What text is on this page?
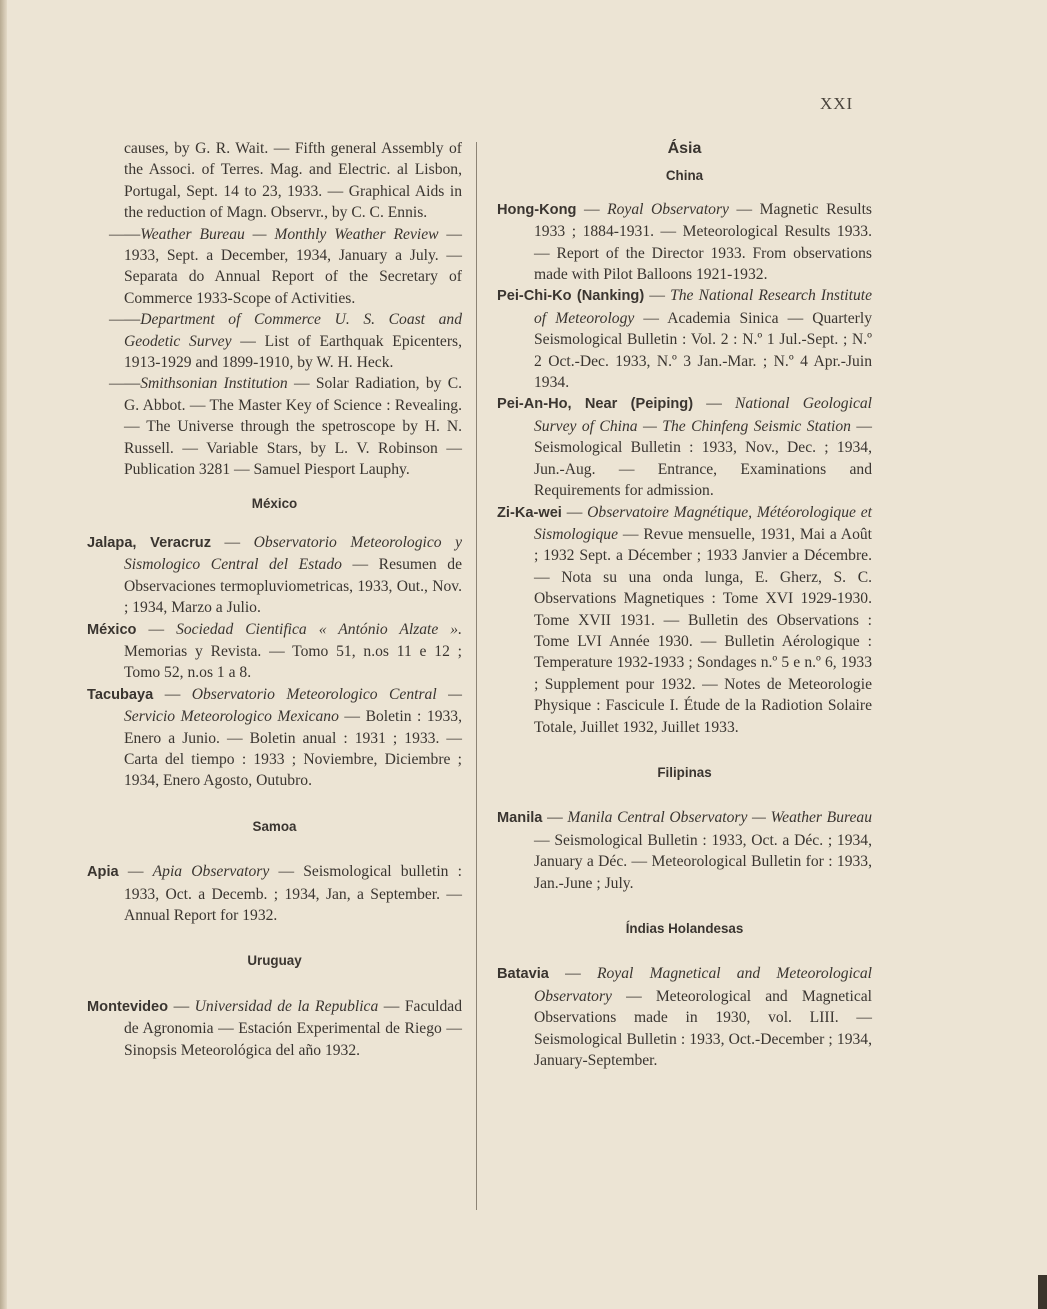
XXI

causes, by G. R. Wait. — Fifth general Assembly of the Associ. of Terres. Mag. and Electric. al Lisbon, Portugal, Sept. 14 to 23, 1933. — Graphical Aids in the reduction of Magn. Observr., by C. C. Ennis.

——Weather Bureau — Monthly Weather Review — 1933, Sept. a December, 1934, January a July. — Separata do Annual Report of the Secretary of Commerce 1933-Scope of Activities.

——Department of Commerce U. S. Coast and Geodetic Survey — List of Earthquak Epicenters, 1913-1929 and 1899-1910, by W. H. Heck.

——Smithsonian Institution — Solar Radiation, by C. G. Abbot. — The Master Key of Science : Revealing. — The Universe through the spetroscope by H. N. Russell. — Variable Stars, by L. V. Robinson — Publication 3281 — Samuel Piesport Lauphy.

México

Jalapa, Veracruz — Observatorio Meteorologico y Sismologico Central del Estado — Resumen de Observaciones termopluviometricas, 1933, Out., Nov. ; 1934, Marzo a Julio.

México — Sociedad Cientifica « António Alzate ». Memorias y Revista. — Tomo 51, n.os 11 e 12 ; Tomo 52, n.os 1 a 8.

Tacubaya — Observatorio Meteorologico Central — Servicio Meteorologico Mexicano — Boletin : 1933, Enero a Junio. — Boletin anual : 1931 ; 1933. — Carta del tiempo : 1933 ; Noviembre, Diciembre ; 1934, Enero Agosto, Outubro.

Samoa

Apia — Apia Observatory — Seismological bulletin : 1933, Oct. a Decemb. ; 1934, Jan, a September. — Annual Report for 1932.

Uruguay

Montevideo — Universidad de la Republica — Faculdad de Agronomia — Estación Experimental de Riego — Sinopsis Meteorológica del año 1932.

Ásia

China

Hong-Kong — Royal Observatory — Magnetic Results 1933 ; 1884-1931. — Meteorological Results 1933. — Report of the Director 1933. From observations made with Pilot Balloons 1921-1932.

Pei-Chi-Ko (Nanking) — The National Research Institute of Meteorology — Academia Sinica — Quarterly Seismological Bulletin : Vol. 2 : N.º 1 Jul.-Sept. ; N.º 2 Oct.-Dec. 1933, N.º 3 Jan.-Mar. ; N.º 4 Apr.-Juin 1934.

Pei-An-Ho, Near (Peiping) — National Geological Survey of China — The Chinfeng Seismic Station — Seismological Bulletin : 1933, Nov., Dec. ; 1934, Jun.-Aug. — Entrance, Examinations and Requirements for admission.

Zi-Ka-wei — Observatoire Magnétique, Météorologique et Sismologique — Revue mensuelle, 1931, Mai a Août ; 1932 Sept. a Décember ; 1933 Janvier a Décembre. — Nota su una onda lunga, E. Gherz, S. C. Observations Magnetiques : Tome XVI 1929-1930. Tome XVII 1931. — Bulletin des Observations : Tome LVI Année 1930. — Bulletin Aérologique : Temperature 1932-1933 ; Sondages n.º 5 e n.º 6, 1933 ; Supplement pour 1932. — Notes de Meteorologie Physique : Fascicule I. Étude de la Radiotion Solaire Totale, Juillet 1932, Juillet 1933.

Filipinas

Manila — Manila Central Observatory — Weather Bureau — Seismological Bulletin : 1933, Oct. a Déc. ; 1934, January a Déc. — Meteorological Bulletin for : 1933, Jan.-June ; July.

Índias Holandesas

Batavia — Royal Magnetical and Meteorological Observatory — Meteorological and Magnetical Observations made in 1930, vol. LIII. — Seismological Bulletin : 1933, Oct.-December ; 1934, January-September.
